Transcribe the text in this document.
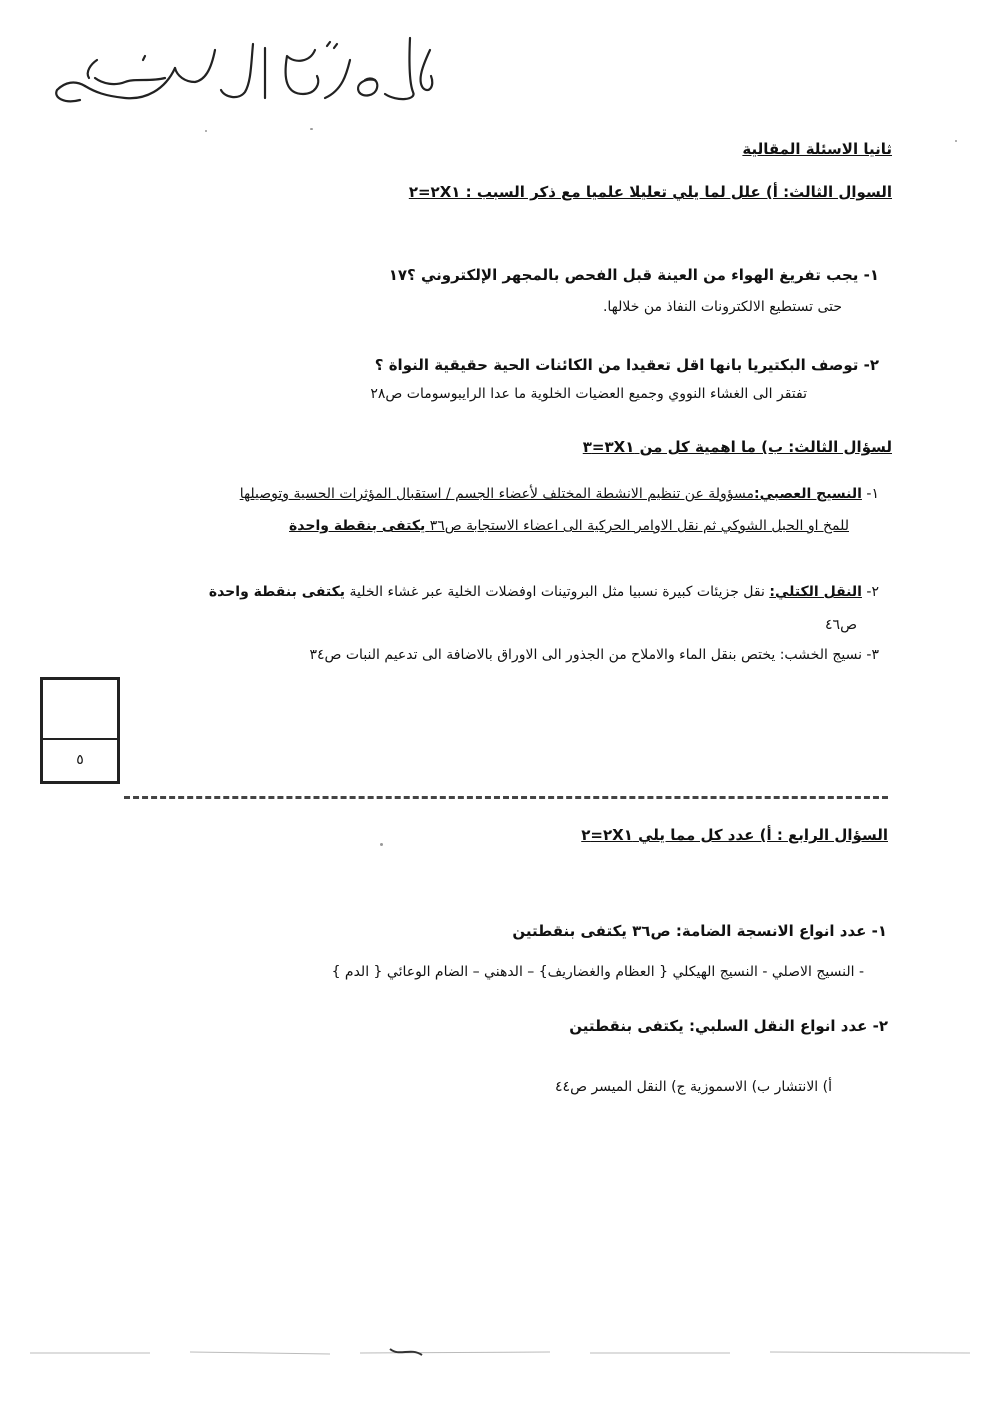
ثانيا الاسئلة المقالية
السوال الثالث: أ) علل لما يلي تعليلا علميا مع ذكر السبب : ٢X١=٢
١- يجب تفريغ الهواء من العينة قبل الفحص بالمجهر الإلكتروني ؟١٧
حتى تستطيع الالكترونات النفاذ من خلالها.
٢- توصف البكتيريا بانها اقل تعقيدا من الكائنات الحية حقيقية النواة ؟
تفتقر الى الغشاء النووي وجميع العضيات الخلوية ما عدا الرايبوسومات ص٢٨
لسؤال الثالث: ب) ما اهمية كل من ٣X١=٣
١- النسيج العصبي:مسؤولة عن تنظيم الانشطة المختلف لأعضاء الجسم / استقبال المؤثرات الحسية وتوصيلها
للمخ او الحبل الشوكي ثم نقل الاوامر الحركية الى اعضاء الاستجابة ص٣٦ يكتفى بنقطة واحدة
٢- النقل الكتلي: نقل جزيئات كبيرة نسبيا مثل البروتينات اوفضلات الخلية عبر غشاء الخلية يكتفى بنقطة واحدة
ص٤٦
٣- نسيج الخشب: يختص بنقل الماء والاملاح من الجذور الى الاوراق بالاضافة الى تدعيم النبات ص٣٤
٥
السؤال الرابع : أ) عدد كل مما يلي ٢X١=٢
١- عدد انواع الانسجة الضامة: ص٣٦ يكتفى بنقطتين
- النسيج الاصلي - النسيج الهيكلي { العظام والغضاريف} – الدهني – الضام الوعائي { الدم }
٢- عدد انواع النقل السلبي: يكتفى بنقطتين
أ) الانتشار ب) الاسموزية ج) النقل الميسر ص٤٤
